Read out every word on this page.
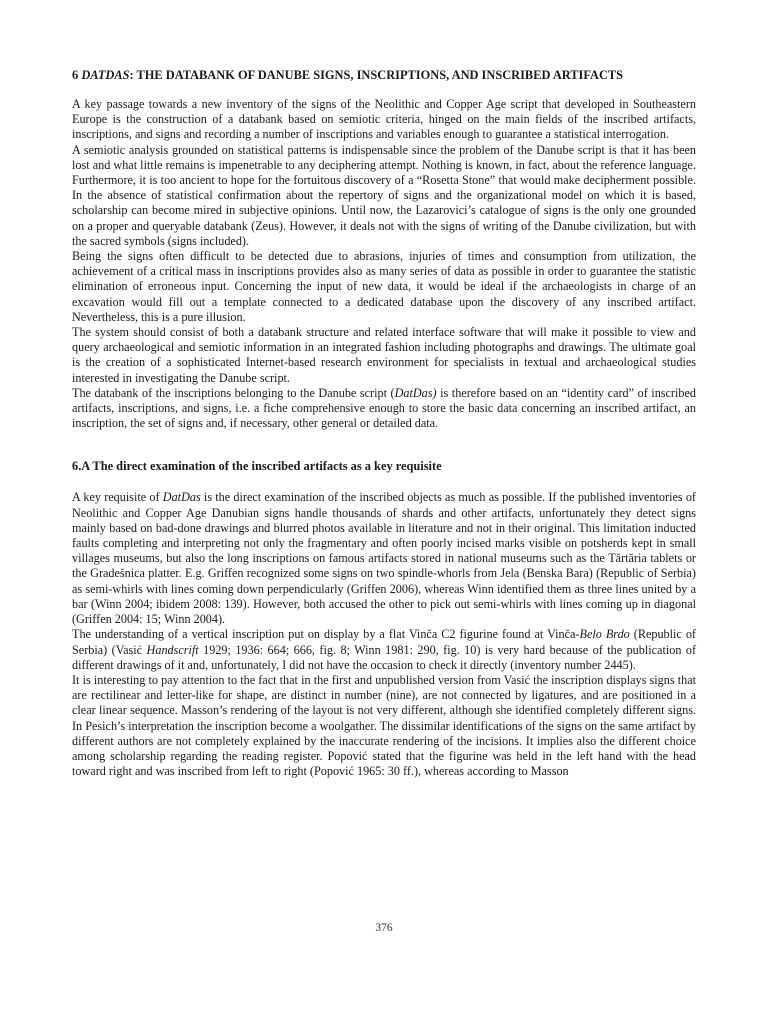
6 DATDAS: THE DATABANK OF DANUBE SIGNS, INSCRIPTIONS, AND INSCRIBED ARTIFACTS

A key passage towards a new inventory of the signs of the Neolithic and Copper Age script that developed in Southeastern Europe is the construction of a databank based on semiotic criteria, hinged on the main fields of the inscribed artifacts, inscriptions, and signs and recording a number of inscriptions and variables enough to guarantee a statistical interrogation.

A semiotic analysis grounded on statistical patterns is indispensable since the problem of the Danube script is that it has been lost and what little remains is impenetrable to any deciphering attempt. Nothing is known, in fact, about the reference language. Furthermore, it is too ancient to hope for the fortuitous discovery of a “Rosetta Stone” that would make decipherment possible. In the absence of statistical confirmation about the repertory of signs and the organizational model on which it is based, scholarship can become mired in subjective opinions. Until now, the Lazarovici’s catalogue of signs is the only one grounded on a proper and queryable databank (Zeus). However, it deals not with the signs of writing of the Danube civilization, but with the sacred symbols (signs included).

Being the signs often difficult to be detected due to abrasions, injuries of times and consumption from utilization, the achievement of a critical mass in inscriptions provides also as many series of data as possible in order to guarantee the statistic elimination of erroneous input. Concerning the input of new data, it would be ideal if the archaeologists in charge of an excavation would fill out a template connected to a dedicated database upon the discovery of any inscribed artifact. Nevertheless, this is a pure illusion.

The system should consist of both a databank structure and related interface software that will make it possible to view and query archaeological and semiotic information in an integrated fashion including photographs and drawings. The ultimate goal is the creation of a sophisticated Internet-based research environment for specialists in textual and archaeological studies interested in investigating the Danube script.

The databank of the inscriptions belonging to the Danube script (DatDas) is therefore based on an “identity card” of inscribed artifacts, inscriptions, and signs, i.e. a fiche comprehensive enough to store the basic data concerning an inscribed artifact, an inscription, the set of signs and, if necessary, other general or detailed data.

6.A The direct examination of the inscribed artifacts as a key requisite

A key requisite of DatDas is the direct examination of the inscribed objects as much as possible. If the published inventories of Neolithic and Copper Age Danubian signs handle thousands of shards and other artifacts, unfortunately they detect signs mainly based on bad-done drawings and blurred photos available in literature and not in their original. This limitation inducted faults completing and interpreting not only the fragmentary and often poorly incised marks visible on potsherds kept in small villages museums, but also the long inscriptions on famous artifacts stored in national museums such as the Tărtăria tablets or the Gradešnica platter. E.g. Griffen recognized some signs on two spindle-whorls from Jela (Benska Bara) (Republic of Serbia) as semi-whirls with lines coming down perpendicularly (Griffen 2006), whereas Winn identified them as three lines united by a bar (Winn 2004; ibidem 2008: 139). However, both accused the other to pick out semi-whirls with lines coming up in diagonal (Griffen 2004: 15; Winn 2004).

The understanding of a vertical inscription put on display by a flat Vinča C2 figurine found at Vinča-Belo Brdo (Republic of Serbia) (Vasić Handscrift 1929; 1936: 664; 666, fig. 8; Winn 1981: 290, fig. 10) is very hard because of the publication of different drawings of it and, unfortunately, I did not have the occasion to check it directly (inventory number 2445).

It is interesting to pay attention to the fact that in the first and unpublished version from Vasić the inscription displays signs that are rectilinear and letter-like for shape, are distinct in number (nine), are not connected by ligatures, and are positioned in a clear linear sequence. Masson’s rendering of the layout is not very different, although she identified completely different signs. In Pesich’s interpretation the inscription become a woolgather. The dissimilar identifications of the signs on the same artifact by different authors are not completely explained by the inaccurate rendering of the incisions. It implies also the different choice among scholarship regarding the reading register. Popović stated that the figurine was held in the left hand with the head toward right and was inscribed from left to right (Popović 1965: 30 ff.), whereas according to Masson

376
